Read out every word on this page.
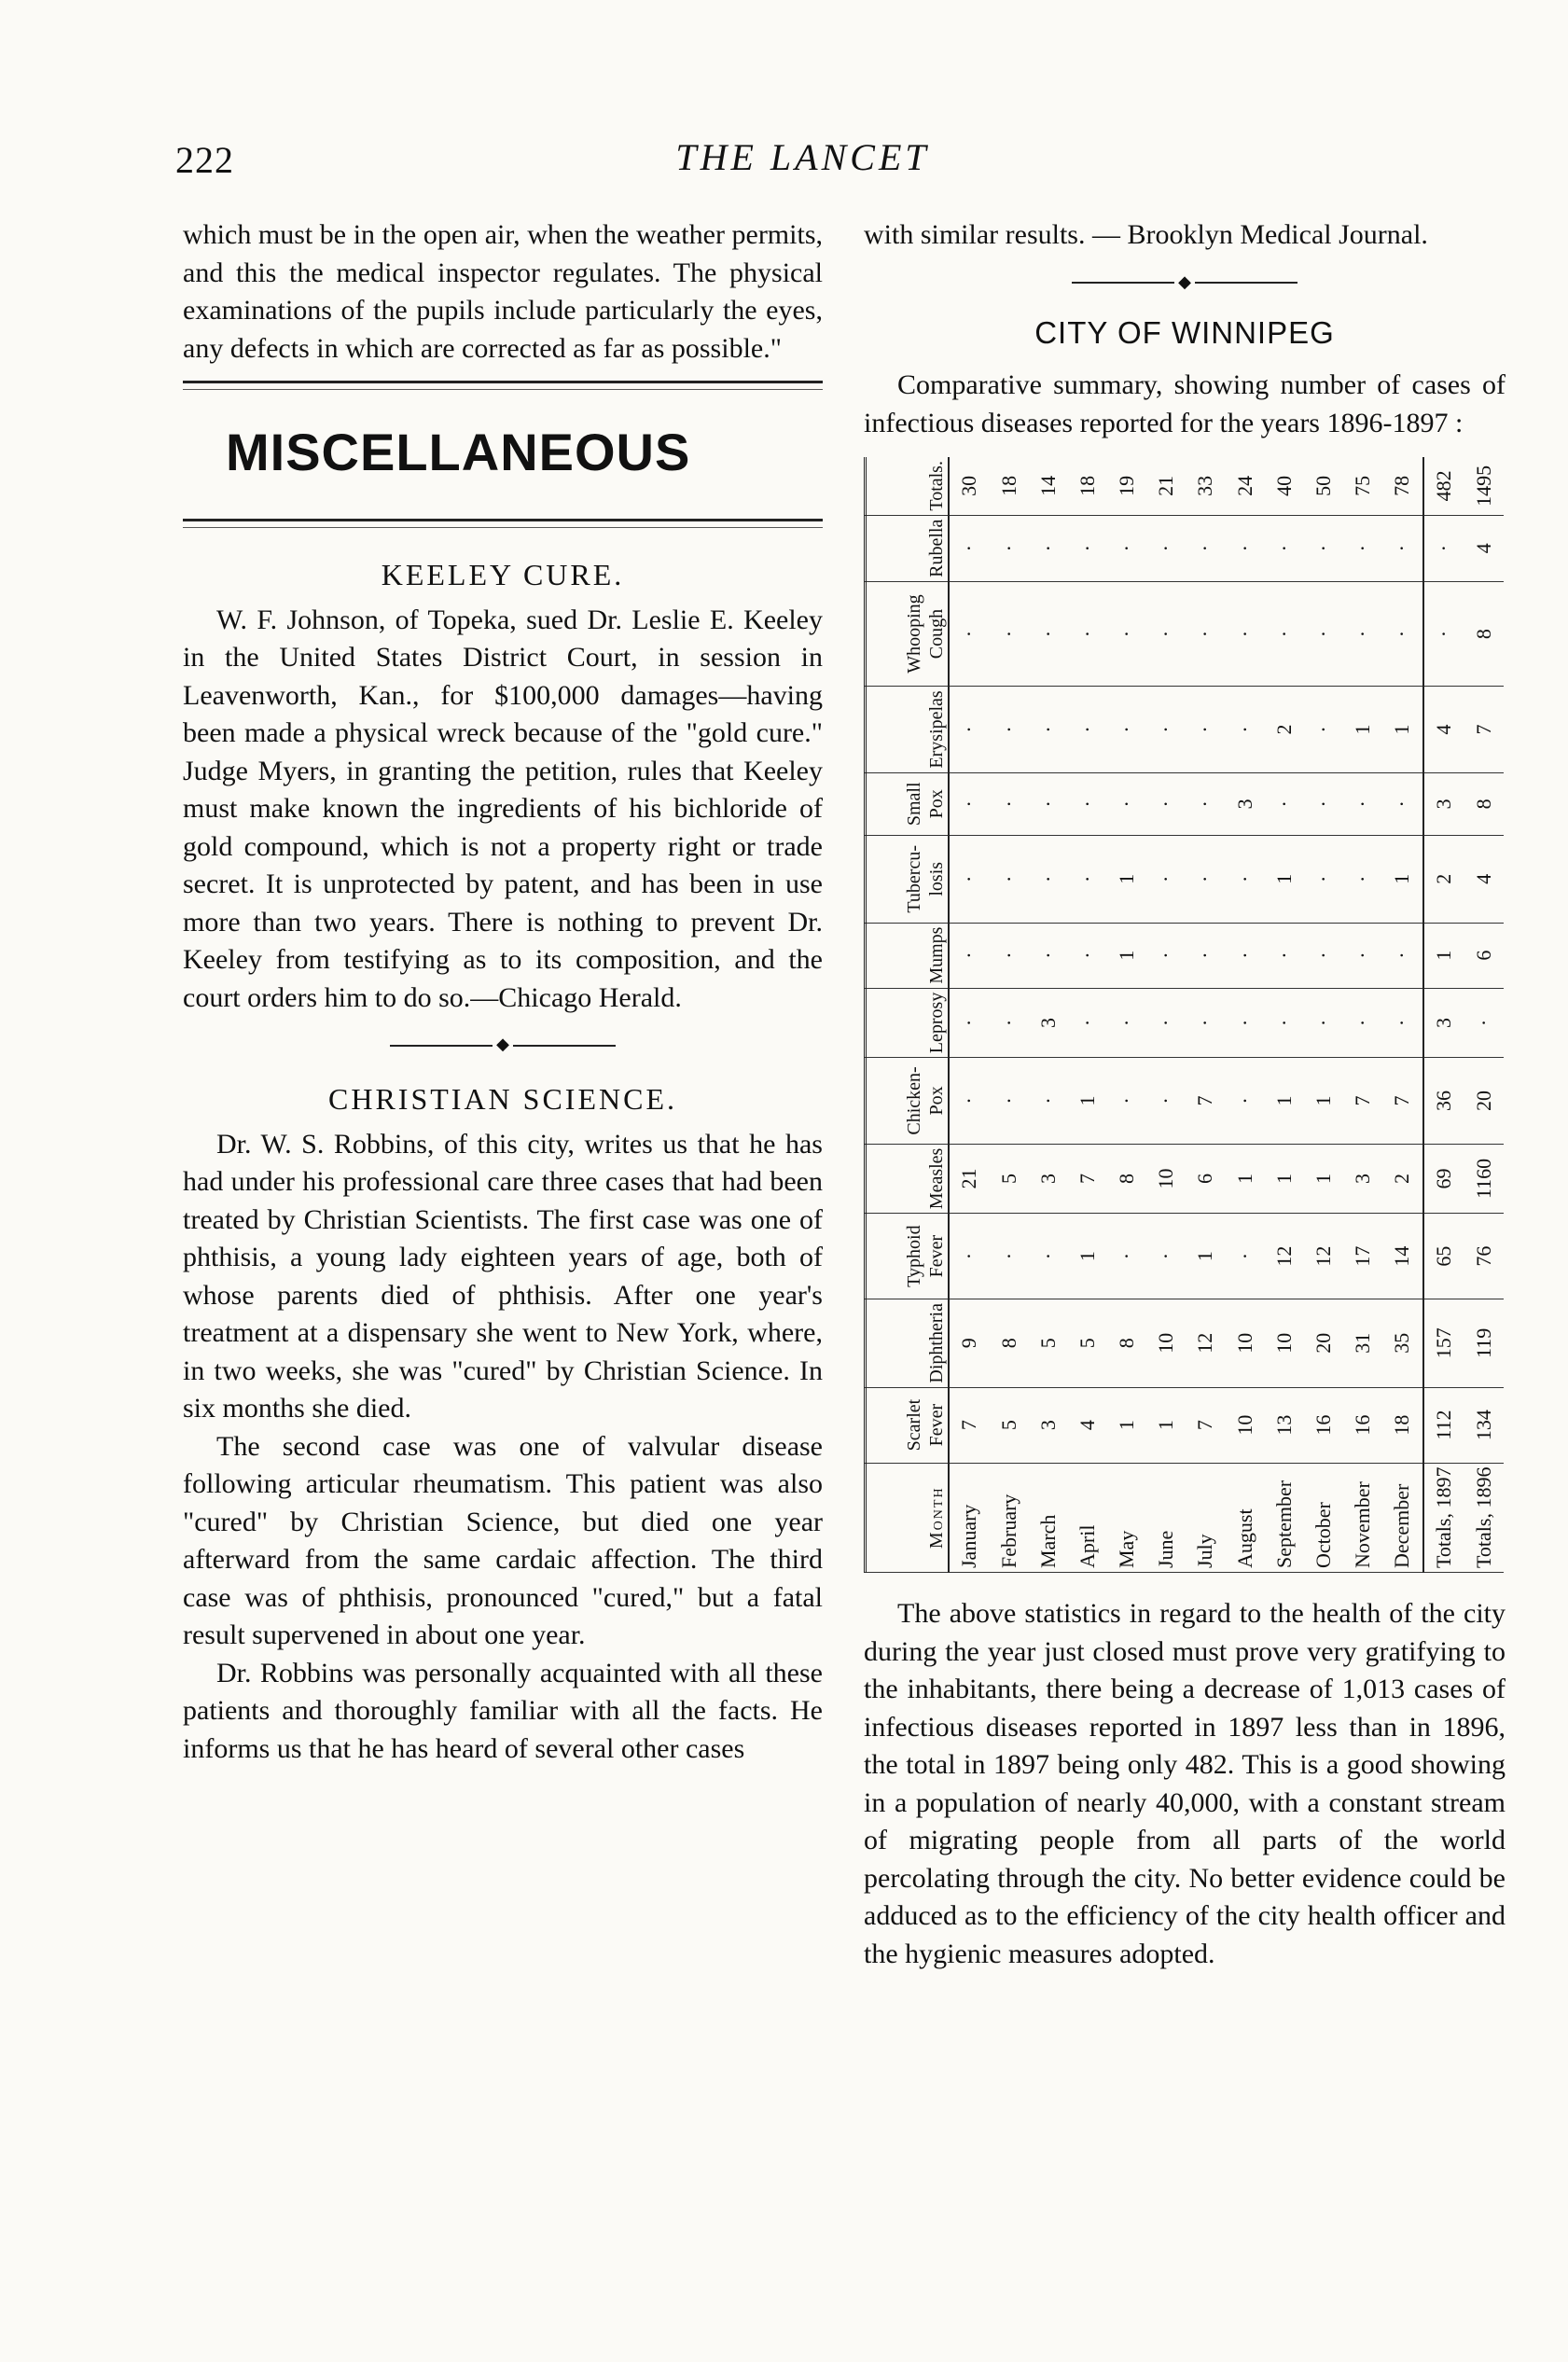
222	THE LANCET

which must be in the open air, when the weather permits, and this the medical inspector regulates. The physical examinations of the pupils include particularly the eyes, any defects in which are corrected as far as possible."

MISCELLANEOUS
KEELEY CURE.

W. F. Johnson, of Topeka, sued Dr. Leslie E. Keeley in the United States District Court, in session in Leavenworth, Kan., for $100,000 damages—having been made a physical wreck because of the "gold cure." Judge Myers, in granting the petition, rules that Keeley must make known the ingredients of his bichloride of gold compound, which is not a property right or trade secret. It is unprotected by patent, and has been in use more than two years. There is nothing to prevent Dr. Keeley from testifying as to its composition, and the court orders him to do so.—Chicago Herald.

◆
CHRISTIAN SCIENCE.

Dr. W. S. Robbins, of this city, writes us that he has had under his professional care three cases that had been treated by Christian Scientists. The first case was one of phthisis, a young lady eighteen years of age, both of whose parents died of phthisis. After one year's treatment at a dispensary she went to New York, where, in two weeks, she was "cured" by Christian Science. In six months she died.

The second case was one of valvular disease following articular rheumatism. This patient was also "cured" by Christian Science, but died one year afterward from the same cardaic affection. The third case was of phthisis, pronounced "cured," but a fatal result supervened in about one year.

Dr. Robbins was personally acquainted with all these patients and thoroughly familiar with all the facts. He informs us that he has heard of several other cases

with similar results. — Brooklyn Medical Journal.

◆
CITY OF WINNIPEG

Comparative summary, showing number of cases of infectious diseases reported for the years 1896-1897 :

Month	Scarlet Fever	Diphtheria	Typhoid Fever	Measles	Chicken-Pox	Leprosy	Mumps	Tubercu-losis	Small Pox	Erysipelas	Whooping Cough	Rubella	Totals.
January	7	9	·	21	·	·	·	·	·	·	·	·	30
February	5	8	·	5	·	·	·	·	·	·	·	·	18
March	3	5	·	3	·	3	·	·	·	·	·	·	14
April	4	5	1	7	1	·	·	·	·	·	·	·	18
May	1	8	·	8	·	·	1	1	·	·	·	·	19
June	1	10	·	10	·	·	·	·	·	·	·	·	21
July	7	12	1	6	7	·	·	·	·	·	·	·	33
August	10	10	·	1	·	·	·	·	3	·	·	·	24
September	13	10	12	1	1	·	·	1	·	2	·	·	40
October	16	20	12	1	1	·	·	·	·	·	·	·	50
November	16	31	17	3	7	·	·	·	·	1	·	·	75
December	18	35	14	2	7	·	·	1	·	1	·	·	78
Totals, 1897	112	157	65	69	36	3	1	2	3	4	·	·	482
Totals, 1896	134	119	76	1160	20	·	6	4	8	7	8	4	1495

The above statistics in regard to the health of the city during the year just closed must prove very gratifying to the inhabitants, there being a decrease of 1,013 cases of infectious diseases reported in 1897 less than in 1896, the total in 1897 being only 482. This is a good showing in a population of nearly 40,000, with a constant stream of migrating people from all parts of the world percolating through the city. No better evidence could be adduced as to the efficiency of the city health officer and the hygienic measures adopted.
